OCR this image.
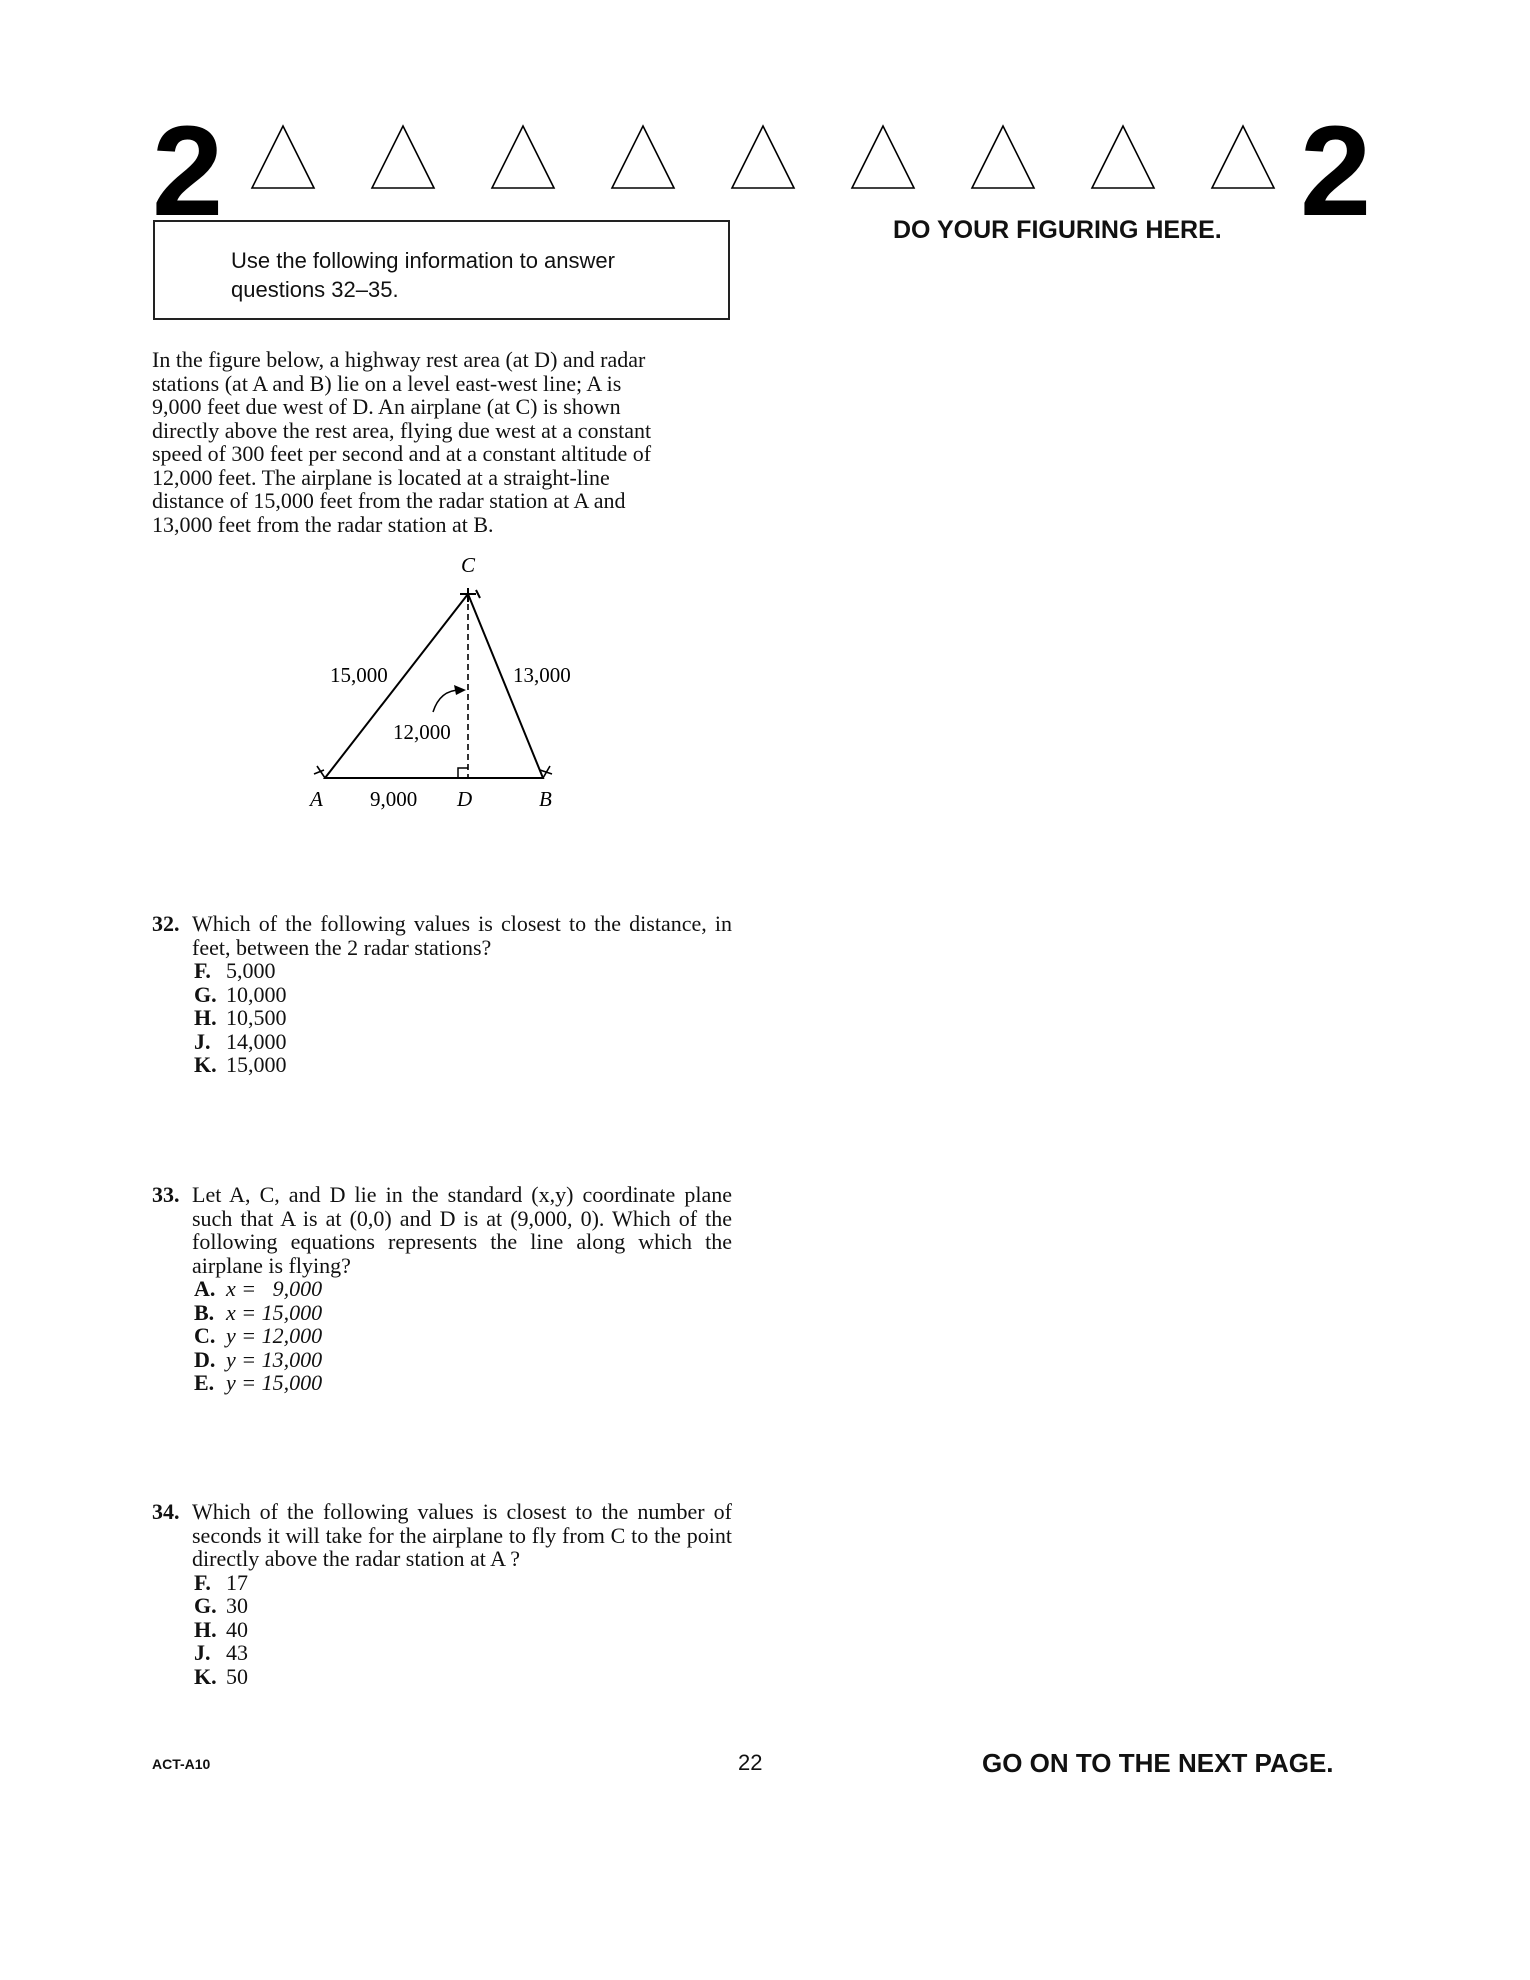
2	2
Use the following information to answer
questions 32–35.
DO YOUR FIGURING HERE.
In the figure below, a highway rest area (at D) and radar
stations (at A and B) lie on a level east-west line; A is
9,000 feet due west of D. An airplane (at C) is shown
directly above the rest area, flying due west at a constant
speed of 300 feet per second and at a constant altitude of
12,000 feet. The airplane is located at a straight-line
distance of 15,000 feet from the radar station at A and
13,000 feet from the radar station at B.
C
A	D	B
15,000	13,000
12,000
9,000
32. Which of the following values is closest to the distance, in feet, between the 2 radar stations?
F. 5,000
G. 10,000
H. 10,500
J. 14,000
K. 15,000
33. Let A, C, and D lie in the standard (x,y) coordinate plane such that A is at (0,0) and D is at (9,000, 0). Which of the following equations represents the line along which the airplane is flying?
A. x =   9,000
B. x = 15,000
C. y = 12,000
D. y = 13,000
E. y = 15,000
34. Which of the following values is closest to the number of seconds it will take for the airplane to fly from C to the point directly above the radar station at A ?
F. 17
G. 30
H. 40
J. 43
K. 50
ACT-A10	22	GO ON TO THE NEXT PAGE.
